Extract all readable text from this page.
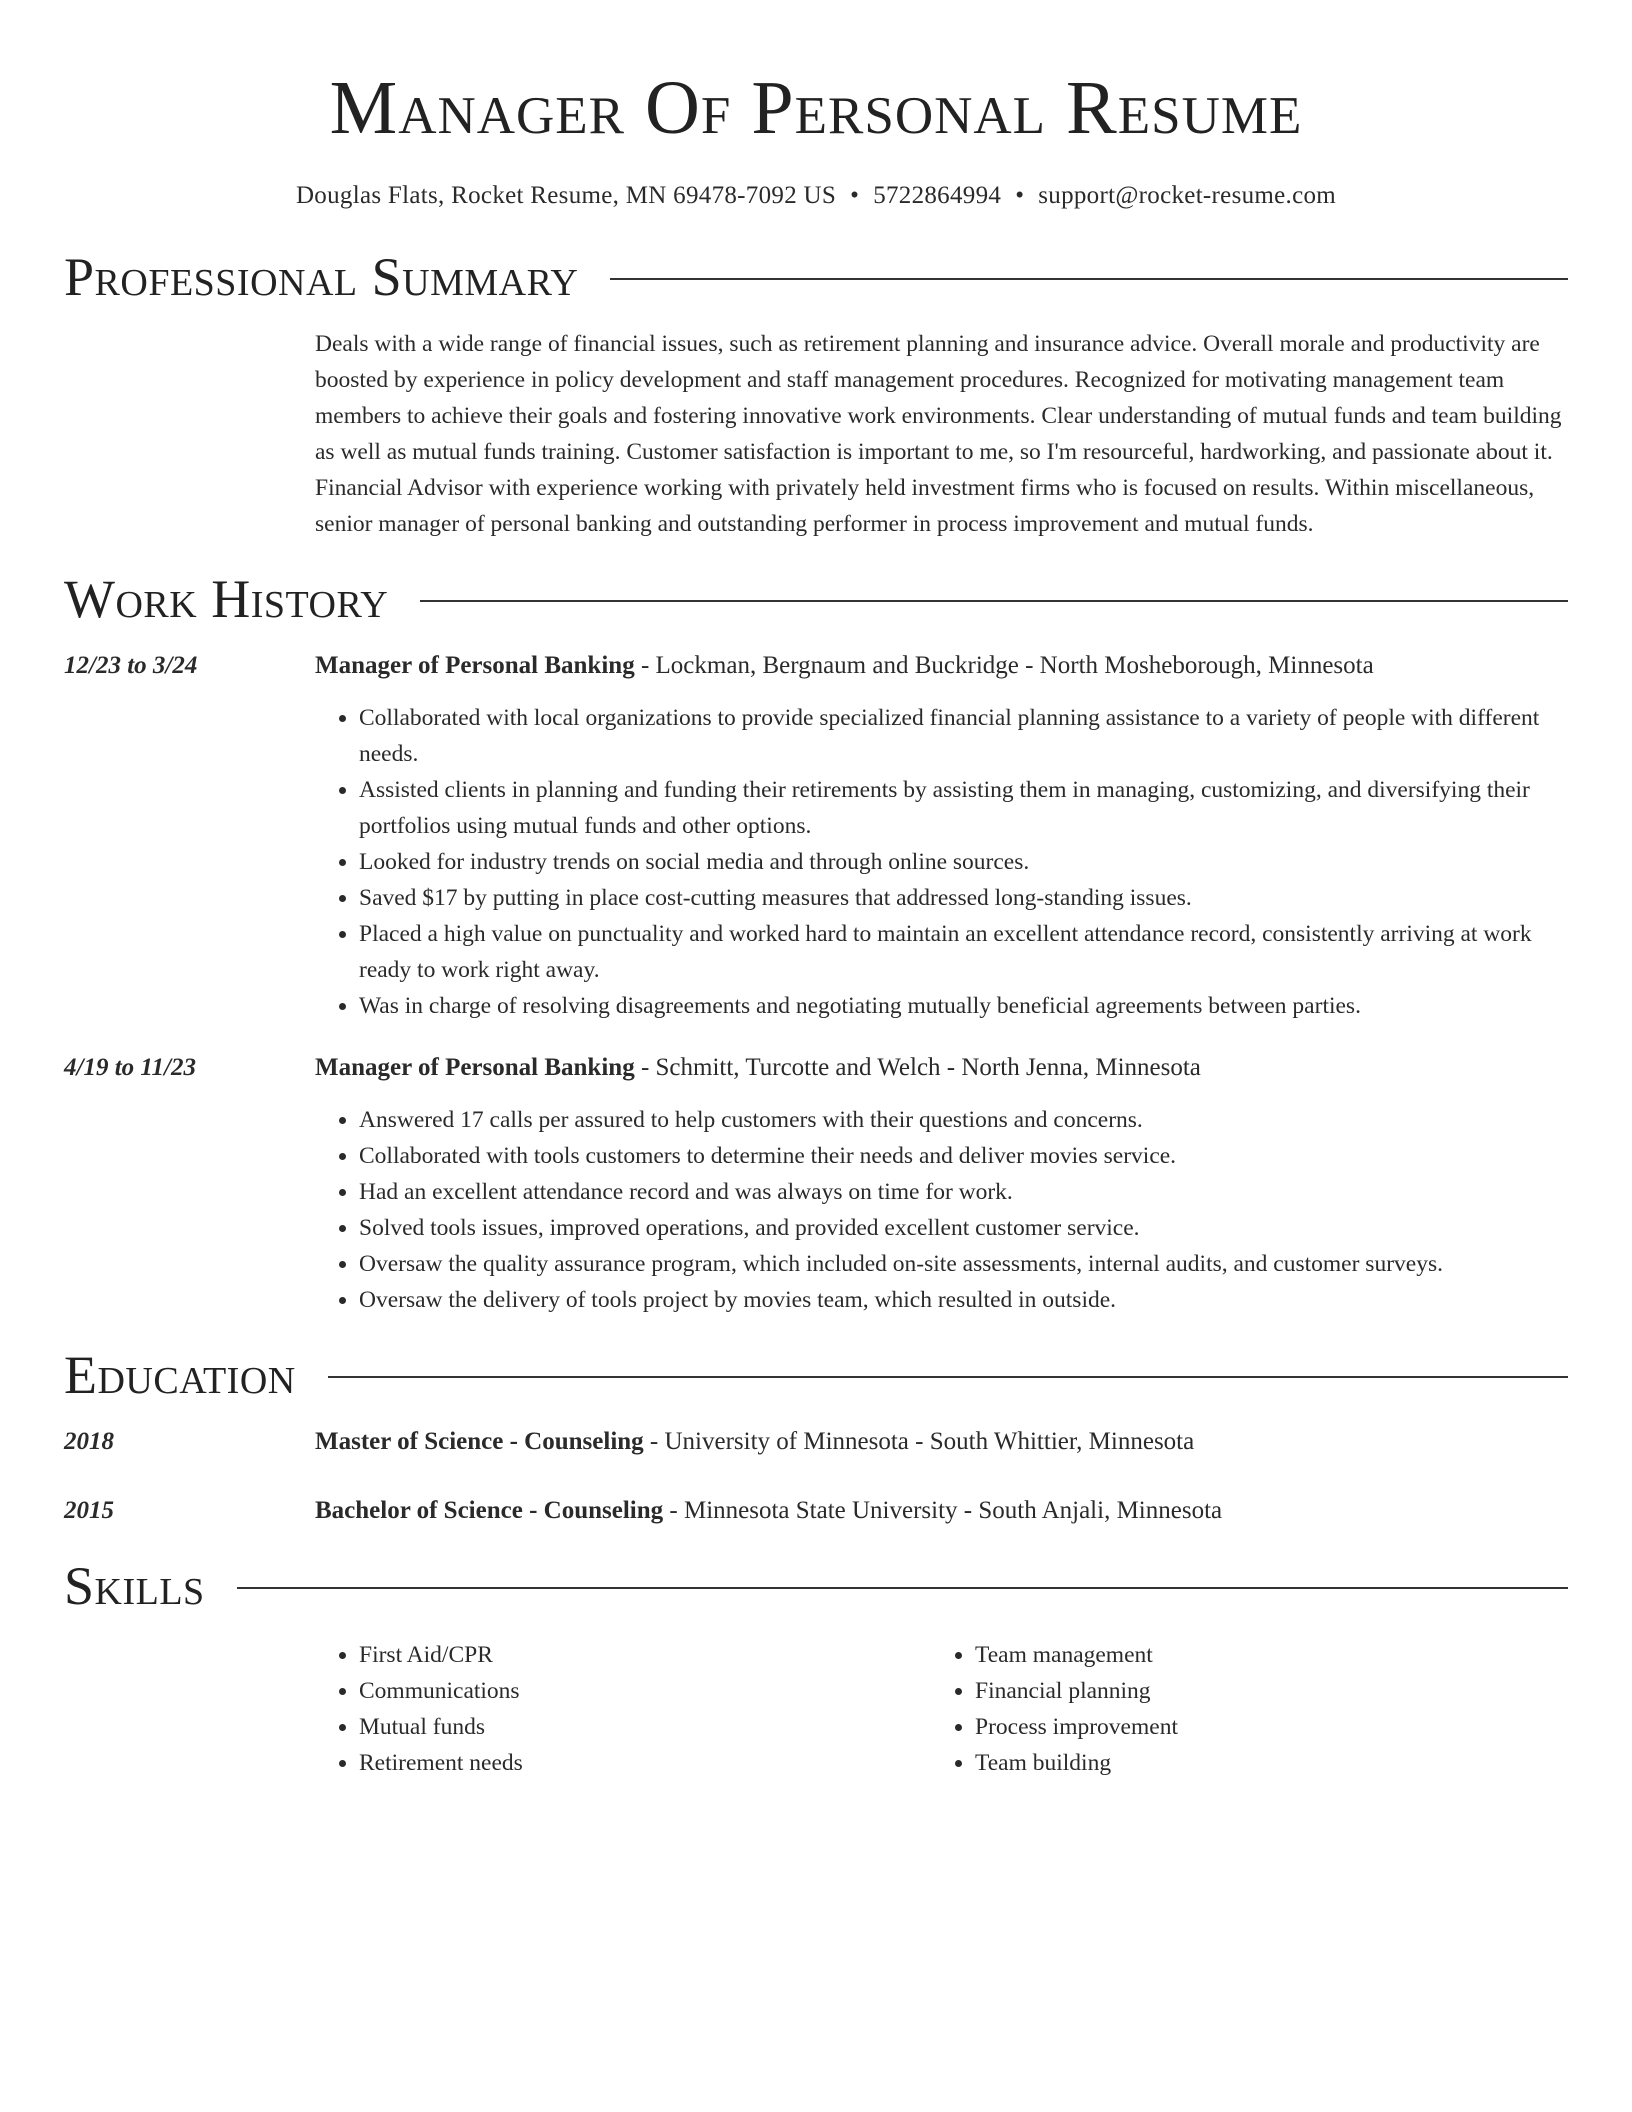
Manager Of Personal Resume
Douglas Flats, Rocket Resume, MN 69478-7092 US • 5722864994 • support@rocket-resume.com
Professional Summary
Deals with a wide range of financial issues, such as retirement planning and insurance advice. Overall morale and productivity are boosted by experience in policy development and staff management procedures. Recognized for motivating management team members to achieve their goals and fostering innovative work environments. Clear understanding of mutual funds and team building as well as mutual funds training. Customer satisfaction is important to me, so I'm resourceful, hardworking, and passionate about it. Financial Advisor with experience working with privately held investment firms who is focused on results. Within miscellaneous, senior manager of personal banking and outstanding performer in process improvement and mutual funds.
Work History
12/23 to 3/24	Manager of Personal Banking - Lockman, Bergnaum and Buckridge - North Mosheborough, Minnesota
• Collaborated with local organizations to provide specialized financial planning assistance to a variety of people with different needs.
• Assisted clients in planning and funding their retirements by assisting them in managing, customizing, and diversifying their portfolios using mutual funds and other options.
• Looked for industry trends on social media and through online sources.
• Saved $17 by putting in place cost-cutting measures that addressed long-standing issues.
• Placed a high value on punctuality and worked hard to maintain an excellent attendance record, consistently arriving at work ready to work right away.
• Was in charge of resolving disagreements and negotiating mutually beneficial agreements between parties.
4/19 to 11/23	Manager of Personal Banking - Schmitt, Turcotte and Welch - North Jenna, Minnesota
• Answered 17 calls per assured to help customers with their questions and concerns.
• Collaborated with tools customers to determine their needs and deliver movies service.
• Had an excellent attendance record and was always on time for work.
• Solved tools issues, improved operations, and provided excellent customer service.
• Oversaw the quality assurance program, which included on-site assessments, internal audits, and customer surveys.
• Oversaw the delivery of tools project by movies team, which resulted in outside.
Education
2018	Master of Science - Counseling - University of Minnesota - South Whittier, Minnesota
2015	Bachelor of Science - Counseling - Minnesota State University - South Anjali, Minnesota
Skills
• First Aid/CPR
• Communications
• Mutual funds
• Retirement needs
• Team management
• Financial planning
• Process improvement
• Team building
